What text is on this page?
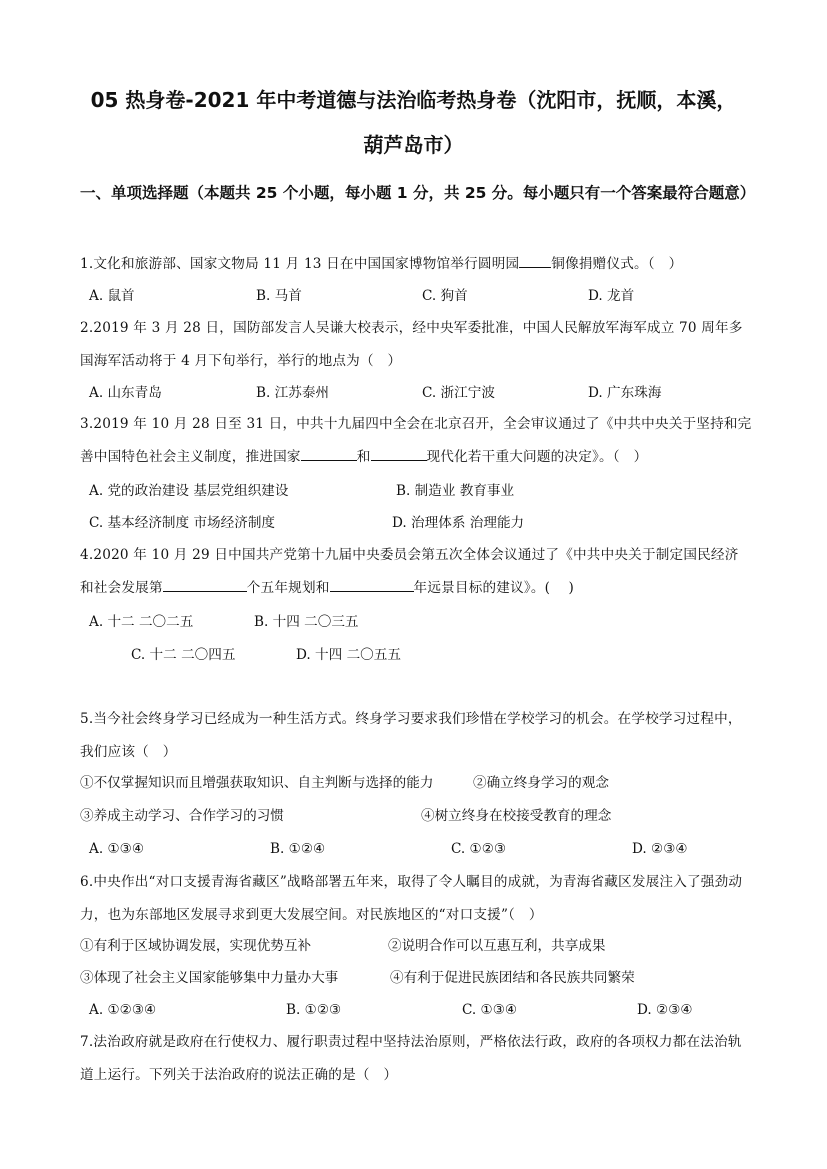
05 热身卷-2021 年中考道德与法治临考热身卷（沈阳市，抚顺，本溪，
葫芦岛市）
一、单项选择题（本题共 25 个小题，每小题 1 分，共 25 分。每小题只有一个答案最符合题意）
1.文化和旅游部、国家文物局 11 月 13 日在中国国家博物馆举行圆明园 铜像捐赠仪式。（　）
A. 鼠首	B. 马首	C. 狗首	D. 龙首
2.2019 年 3 月 28 日，国防部发言人吴谦大校表示，经中央军委批准，中国人民解放军海军成立 70 周年多国海军活动将于 4 月下旬举行，举行的地点为（　）
A. 山东青岛	B. 江苏泰州	C. 浙江宁波	D. 广东珠海
3.2019 年 10 月 28 日至 31 日，中共十九届四中全会在北京召开，全会审议通过了《中共中央关于坚持和完善中国特色社会主义制度，推进国家	和	现代化若干重大问题的决定》。（　）
A. 党的政治建设 基层党组织建设	B. 制造业 教育事业
C. 基本经济制度 市场经济制度	D. 治理体系 治理能力
4.2020 年 10 月 29 日中国共产党第十九届中央委员会第五次全体会议通过了《中共中央关于制定国民经济和社会发展第	个五年规划和	年远景目标的建议》。(　 )
A. 十二 二〇二五	B. 十四 二〇三五
C. 十二 二〇四五	D. 十四 二〇五五
5.当今社会终身学习已经成为一种生活方式。终身学习要求我们珍惜在学校学习的机会。在学校学习过程中，我们应该（　）
①不仅掌握知识而且增强获取知识、自主判断与选择的能力	②确立终身学习的观念
③养成主动学习、合作学习的习惯	④树立终身在校接受教育的理念
A. ①③④	B. ①②④	C. ①②③	D. ②③④
6.中央作出“对口支援青海省藏区”战略部署五年来，取得了令人瞩目的成就，为青海省藏区发展注入了强劲动力，也为东部地区发展寻求到更大发展空间。对民族地区的“对口支援”（　）
①有利于区域协调发展，实现优势互补	②说明合作可以互惠互利，共享成果
③体现了社会主义国家能够集中力量办大事	④有利于促进民族团结和各民族共同繁荣
A. ①②③④	B. ①②③	C. ①③④	D. ②③④
7.法治政府就是政府在行使权力、履行职责过程中坚持法治原则，严格依法行政，政府的各项权力都在法治轨道上运行。下列关于法治政府的说法正确的是（　）
